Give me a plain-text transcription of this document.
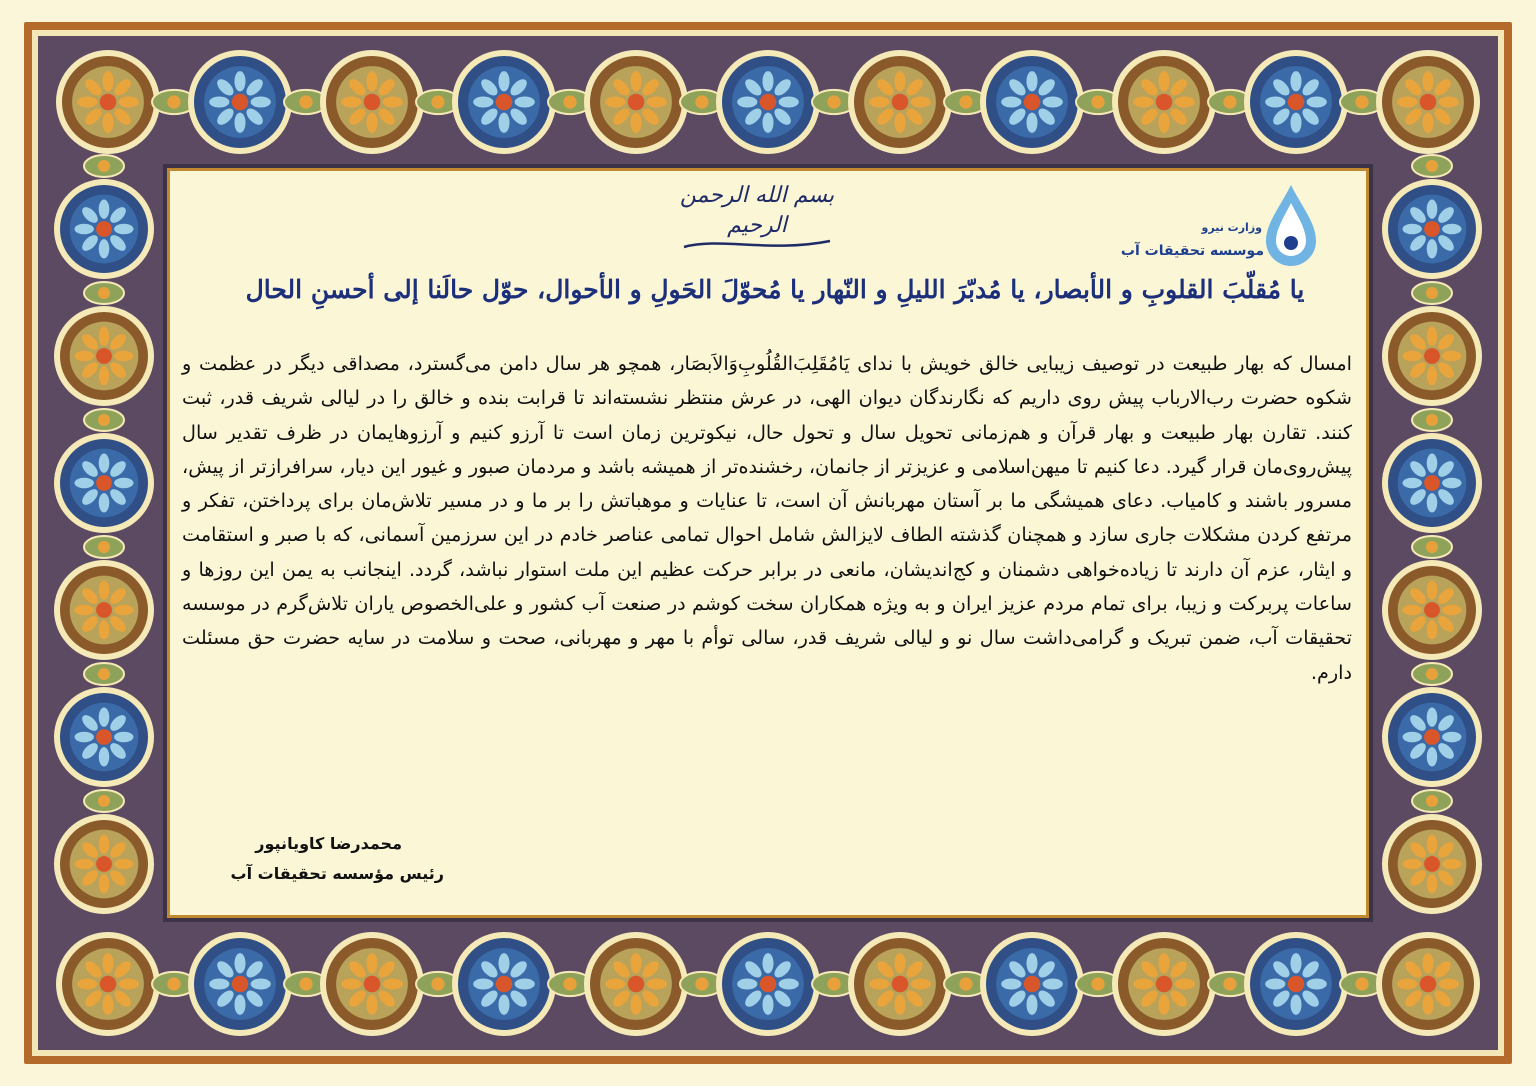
بسم الله الرحمن الرحیم	وزارت نیرو
موسسه تحقیقات آب
یا مُقلّبَ القلوبِ و الأبصار، یا مُدبّرَ اللیلِ و النّهار یا مُحوّلَ الحَولِ و الأحوال، حوّل حالَنا إلی أحسنِ الحال
امسال که بهار طبیعت در توصیف زیبایی خالق خویش با ندای یَامُقَلِبَ‌القُلُوبِ‌وَالاَبصَار، همچو هر سال دامن می‌گسترد، مصداقی دیگر در عظمت و شکوه حضرت رب‌الارباب پیش روی داریم که نگارندگان دیوان الهی، در عرش منتظر نشسته‌اند تا قرابت بنده و خالق را در لیالی شریف قدر، ثبت کنند. تقارن بهار طبیعت و بهار قرآن و هم‌زمانی تحویل سال و تحول حال، نیکوترین زمان است تا آرزو کنیم و آرزوهایمان در ظرف تقدیر سال پیش‌روی‌مان قرار گیرد. دعا کنیم تا میهن‌اسلامی و عزیزتر از جانمان، رخشنده‌تر از همیشه باشد و مردمان صبور و غیور این دیار، سرافرازتر از پیش، مسرور باشند و کامیاب. دعای همیشگی ما بر آستان مهربانش آن است، تا عنایات و موهباتش را بر ما و در مسیر تلاش‌مان برای پرداختن، تفکر و مرتفع کردن مشکلات جاری سازد و همچنان گذشته الطاف لایزالش شامل احوال تمامی عناصر خادم در این سرزمین آسمانی، که با صبر و استقامت و ایثار، عزم آن دارند تا زیاده‌خواهی دشمنان و کج‌اندیشان، مانعی در برابر حرکت عظیم این ملت استوار نباشد، گردد. اینجانب به یمن این روزها و ساعات پربرکت و زیبا، برای تمام مردم عزیز ایران و به ویژه همکاران سخت کوشم در صنعت آب کشور و علی‌الخصوص یاران تلاش‌گرم در موسسه تحقیقات آب، ضمن تبریک و گرامی‌داشت سال نو و لیالی شریف قدر، سالی توأم با مهر و مهربانی، صحت و سلامت در سایه حضرت حق مسئلت دارم.
محمدرضا کاویانپور
رئیس مؤسسه تحقیقات آب
